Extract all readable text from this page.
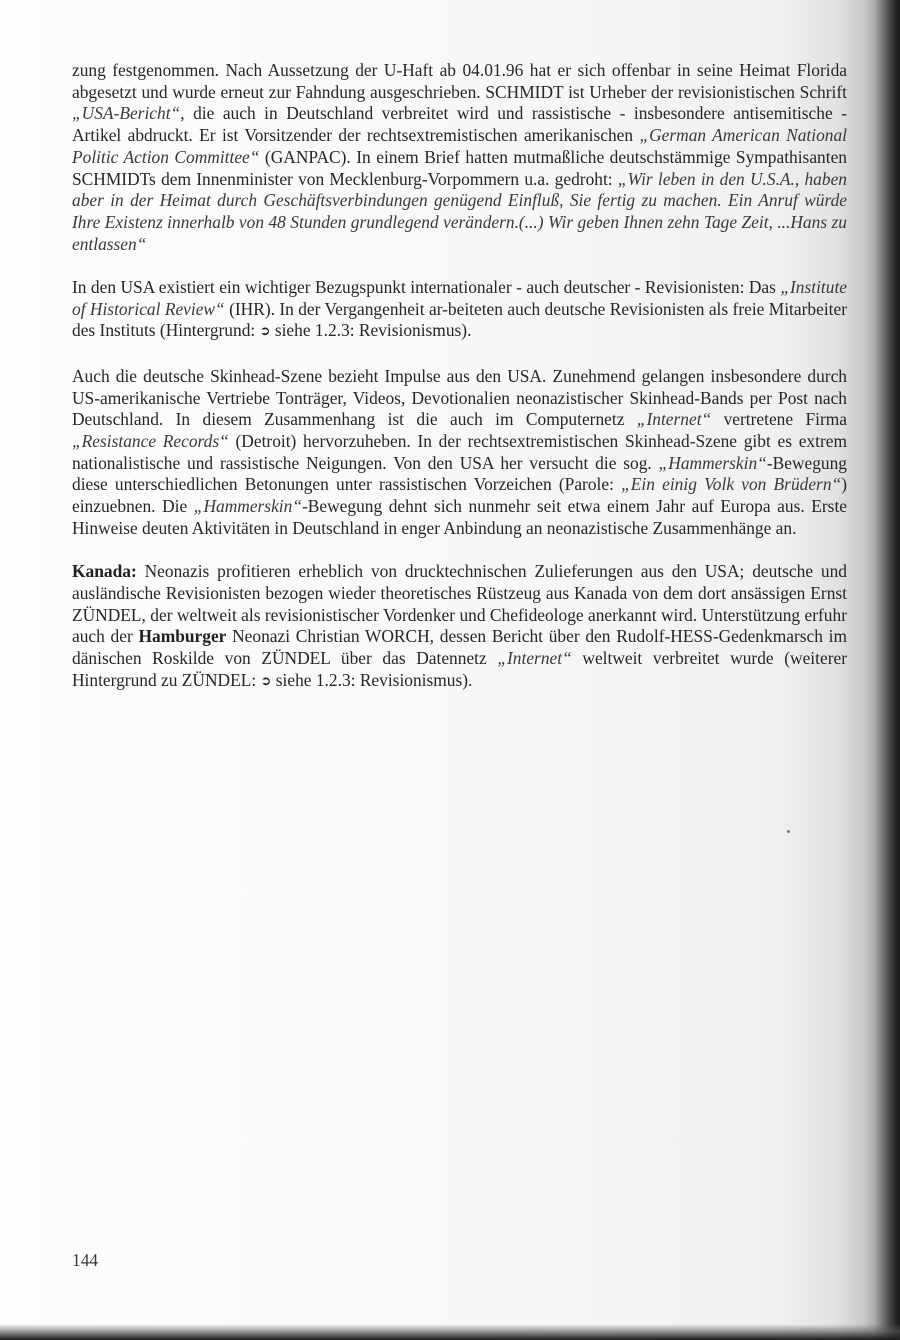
zung festgenommen. Nach Aussetzung der U-Haft ab 04.01.96 hat er sich offenbar in seine Heimat Florida abgesetzt und wurde erneut zur Fahndung ausgeschrieben. SCHMIDT ist Urheber der revisionistischen Schrift „USA-Bericht“, die auch in Deutschland verbreitet wird und rassistische - insbesondere antisemitische - Artikel abdruckt. Er ist Vorsitzender der rechtsextremistischen amerikanischen „German American National Politic Action Committee“ (GANPAC). In einem Brief hatten mutmaßliche deutschstämmige Sympathisanten SCHMIDTs dem Innenminister von Mecklenburg-Vorpommern u.a. gedroht: „Wir leben in den U.S.A., haben aber in der Heimat durch Geschäftsverbindungen genügend Einfluß, Sie fertig zu machen. Ein Anruf würde Ihre Existenz innerhalb von 48 Stunden grundlegend verändern.(...) Wir geben Ihnen zehn Tage Zeit, ...Hans zu entlassen“

In den USA existiert ein wichtiger Bezugspunkt internationaler - auch deutscher - Revisionisten: Das „Institute of Historical Review“ (IHR). In der Vergangenheit ar-beiteten auch deutsche Revisionisten als freie Mitarbeiter des Instituts (Hintergrund: ➲ siehe 1.2.3: Revisionismus).

Auch die deutsche Skinhead-Szene bezieht Impulse aus den USA. Zunehmend gelangen insbesondere durch US-amerikanische Vertriebe Tonträger, Videos, Devotionalien neonazistischer Skinhead-Bands per Post nach Deutschland. In diesem Zusammenhang ist die auch im Computernetz „Internet“ vertretene Firma „Resistance Records“ (Detroit) hervorzuheben. In der rechtsextremistischen Skinhead-Szene gibt es extrem nationalistische und rassistische Neigungen. Von den USA her versucht die sog. „Hammerskin“-Bewegung diese unterschiedlichen Betonungen unter rassistischen Vorzeichen (Parole: „Ein einig Volk von Brüdern“) einzuebnen. Die „Hammerskin“-Bewegung dehnt sich nunmehr seit etwa einem Jahr auf Europa aus. Erste Hinweise deuten Aktivitäten in Deutschland in enger Anbindung an neonazistische Zusammenhänge an.

Kanada: Neonazis profitieren erheblich von drucktechnischen Zulieferungen aus den USA; deutsche und ausländische Revisionisten bezogen wieder theoretisches Rüstzeug aus Kanada von dem dort ansässigen Ernst ZÜNDEL, der weltweit als revisionistischer Vordenker und Chefideologe anerkannt wird. Unterstützung erfuhr auch der Hamburger Neonazi Christian WORCH, dessen Bericht über den Rudolf-HESS-Gedenkmarsch im dänischen Roskilde von ZÜNDEL über das Datennetz „Internet“ weltweit verbreitet wurde (weiterer Hintergrund zu ZÜNDEL: ➲ siehe 1.2.3: Revisionismus).

144
